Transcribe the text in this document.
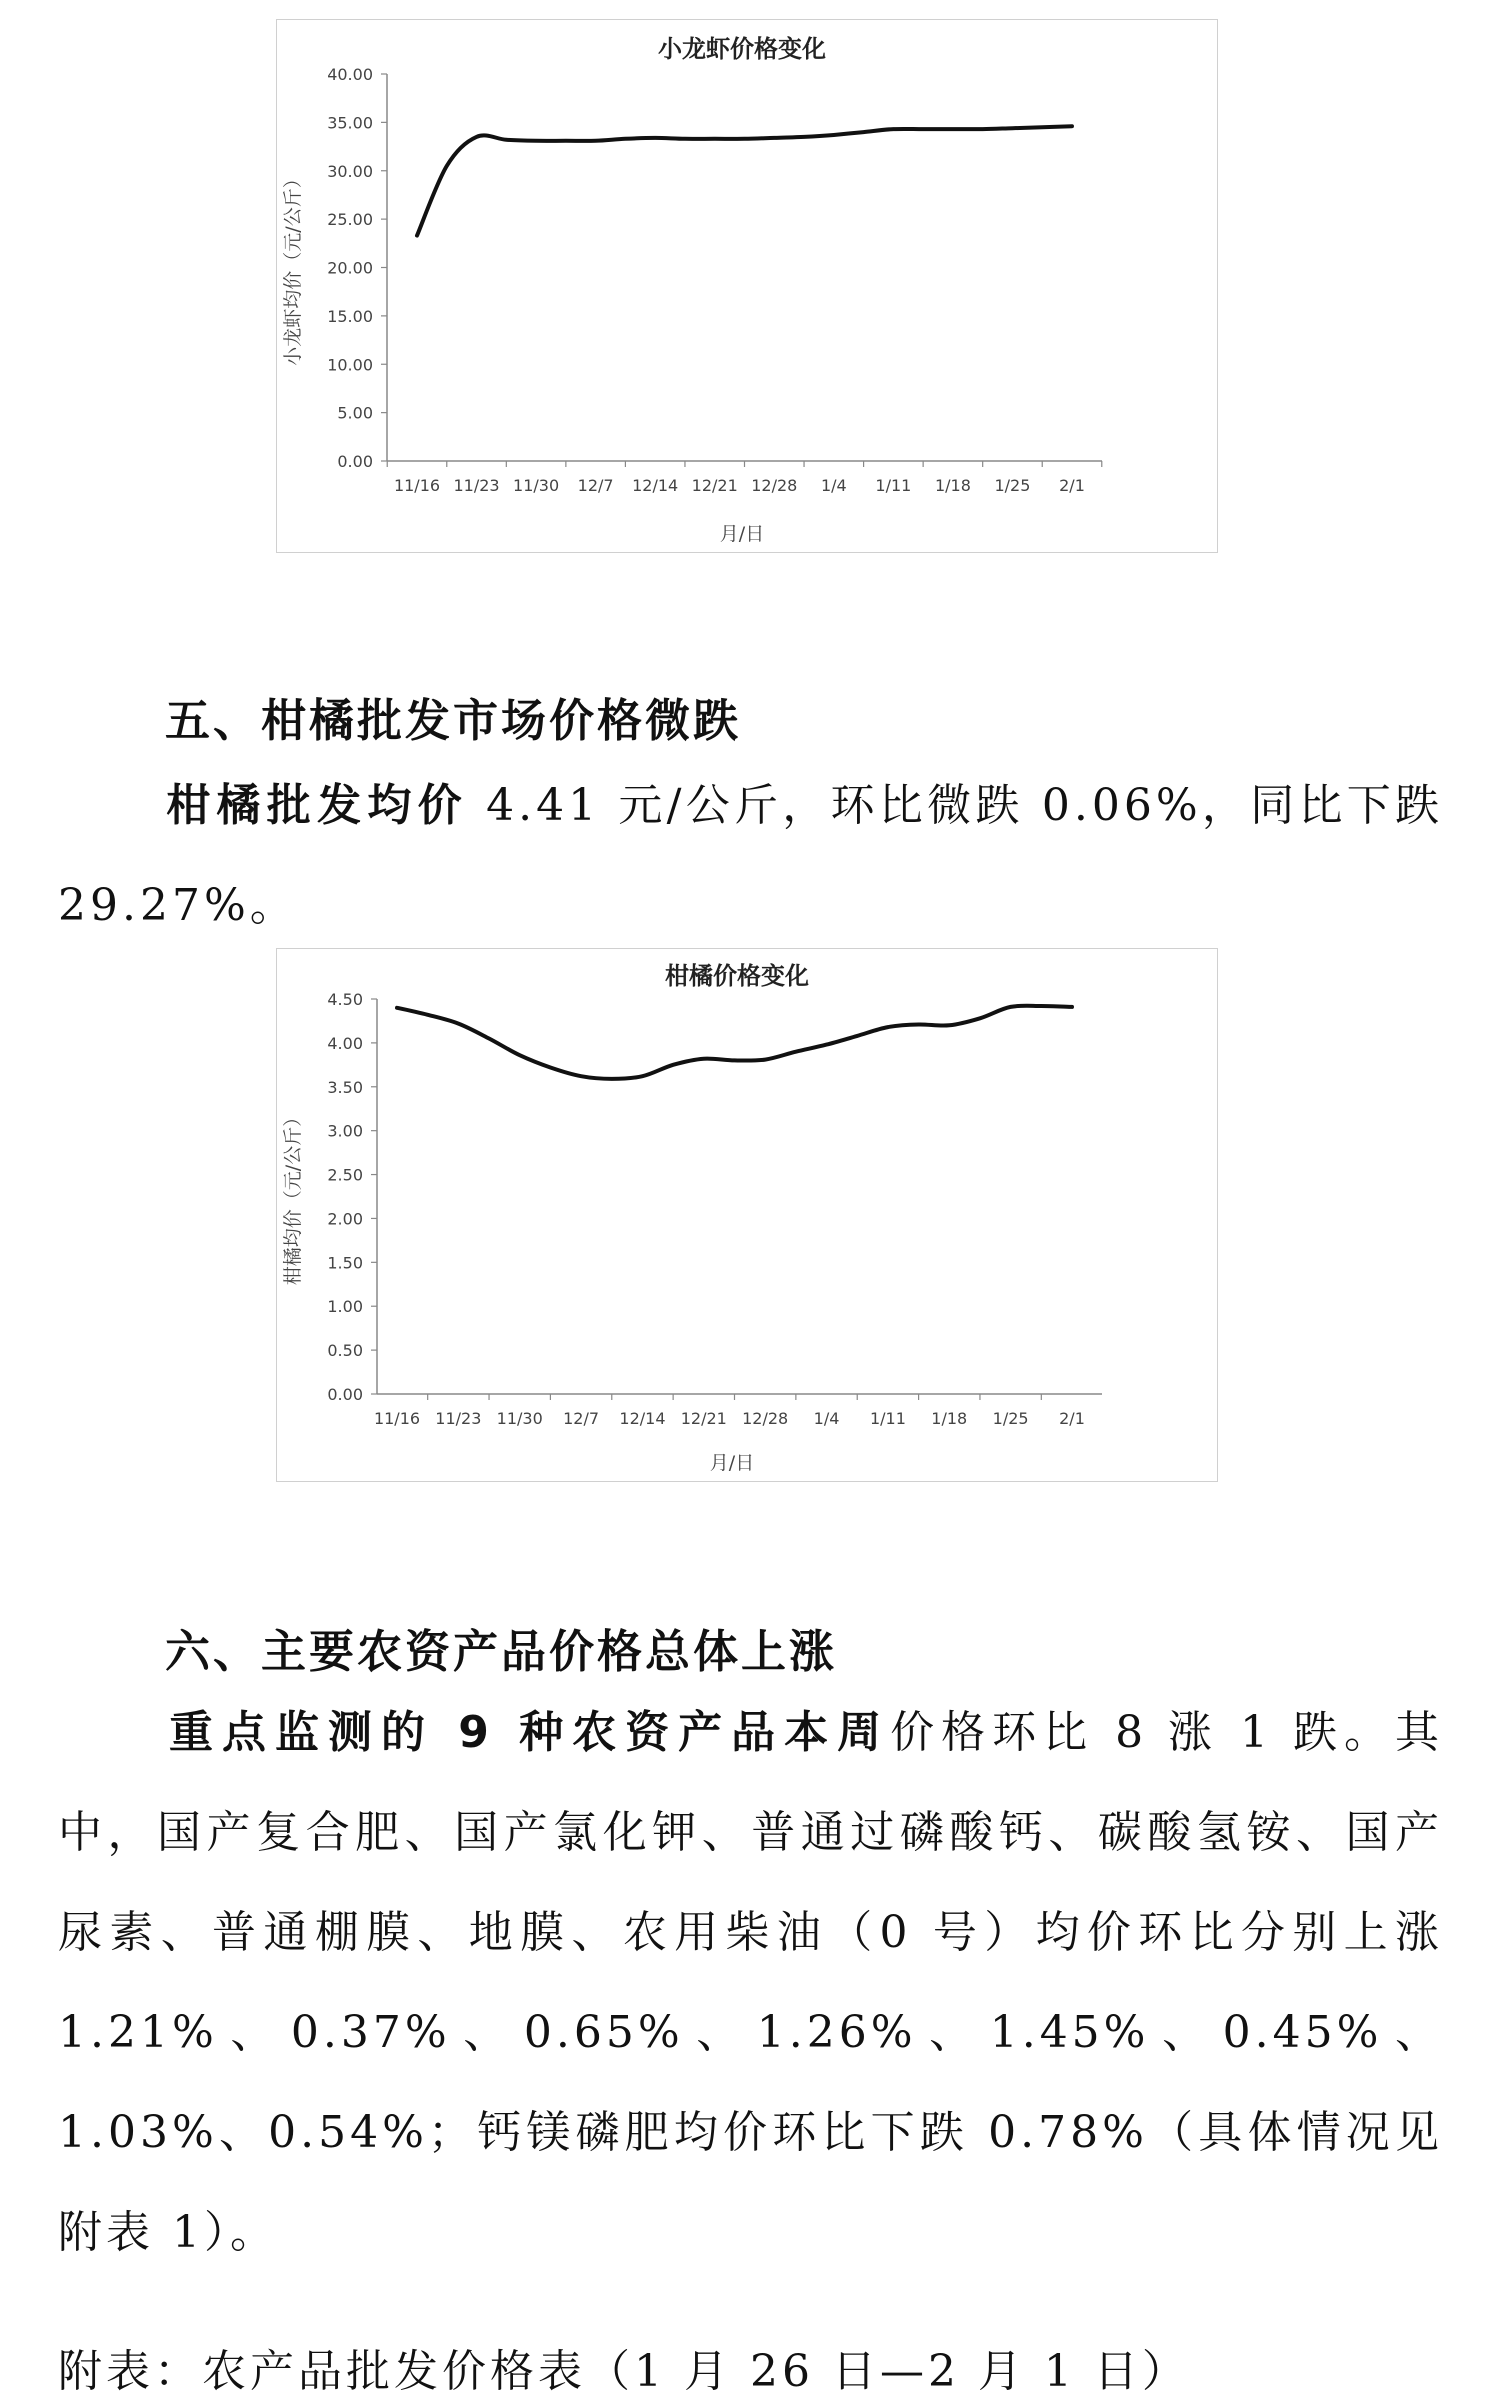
小龙虾价格变化
0.00
5.00
10.00
15.00
20.00
25.00
30.00
35.00
40.00
11/16 11/23 11/30 12/7 12/14 12/21 12/28 1/4 1/11 1/18 1/25 2/1
月/日
小龙虾均价（元/公斤）
五、柑橘批发市场价格微跌
柑橘批发均价 4.41 元/公斤，环比微跌 0.06%，同比下跌 29.27%。
柑橘价格变化
0.00
0.50
1.00
1.50
2.00
2.50
3.00
3.50
4.00
4.50
11/16 11/23 11/30 12/7 12/14 12/21 12/28 1/4 1/11 1/18 1/25 2/1
月/日
柑橘均价（元/公斤）
六、主要农资产品价格总体上涨
重点监测的 9 种农资产品本周价格环比 8 涨 1 跌。其中，国产复合肥、国产氯化钾、普通过磷酸钙、碳酸氢铵、国产尿素、普通棚膜、地膜、农用柴油（0 号）均价环比分别上涨 1.21%、0.37%、0.65%、1.26%、1.45%、0.45%、1.03%、0.54%；钙镁磷肥均价环比下跌 0.78%（具体情况见附表 1）。
附表：农产品批发价格表（1 月 26 日—2 月 1 日）
